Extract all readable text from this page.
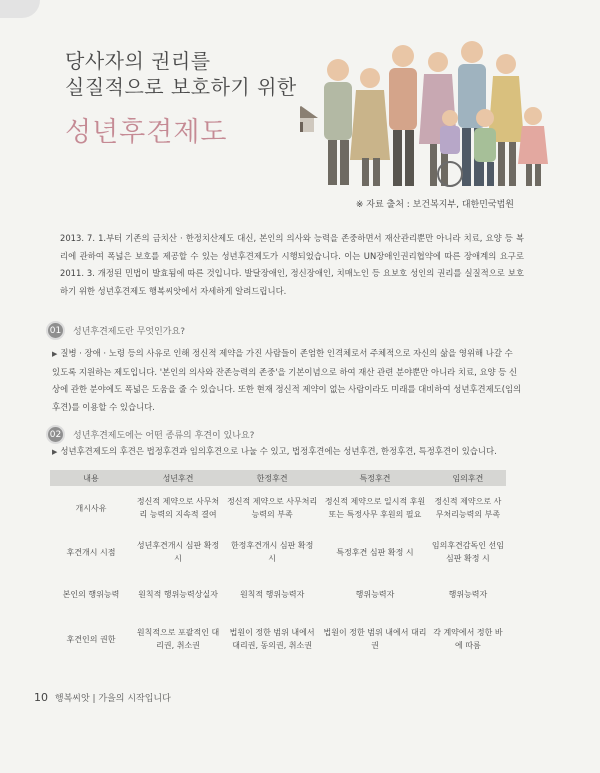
당사자의 권리를
실질적으로 보호하기 위한
성년후견제도
※ 자료 출처 : 보건복지부, 대한민국법원
2013. 7. 1.부터 기존의 금치산 · 한정치산제도 대신, 본인의 의사와 능력을 존중하면서 재산관리뿐만 아니라 치료, 요양 등 복리에 관하여 폭넓은 보호를 제공할 수 있는 성년후견제도가 시행되었습니다. 이는 UN장애인권리협약에 따른 장애계의 요구로 2011. 3. 개정된 민법이 발효됨에 따른 것입니다. 발달장애인, 정신장애인, 치매노인 등 요보호 성인의 권리를 실질적으로 보호하기 위한 성년후견제도 행복씨앗에서 자세하게 알려드립니다.
01	성년후견제도란 무엇인가요?
▶ 질병 · 장애 · 노령 등의 사유로 인해 정신적 제약을 가진 사람들이 존엄한 인격체로서 주체적으로 자신의 삶을 영위해 나갈 수 있도록 지원하는 제도입니다. '본인의 의사와 잔존능력의 존중'을 기본이념으로 하여 재산 관련 분야뿐만 아니라 치료, 요양 등 신상에 관한 분야에도 폭넓은 도움을 줄 수 있습니다. 또한 현재 정신적 제약이 없는 사람이라도 미래를 대비하여 성년후견제도(임의후견)를 이용할 수 있습니다.
02	성년후견제도에는 어떤 종류의 후견이 있나요?
▶ 성년후견제도의 후견은 법정후견과 임의후견으로 나눌 수 있고, 법정후견에는 성년후견, 한정후견, 특정후견이 있습니다.
내용	성년후견	한정후견	특정후견	임의후견
개시사유	정신적 제약으로 사무처리 능력의 지속적 결여	정신적 제약으로 사무처리능력의 부족	정신적 제약으로 일시적 후원 또는 특정사무 후원의 필요	정신적 제약으로 사무처리능력의 부족
후견개시 시점	성년후견개시 심판 확정 시	한정후견개시 심판 확정 시	특정후견 심판 확정 시	임의후견감독인 선임 심판 확정 시
본인의 행위능력	원칙적 행위능력상실자	원칙적 행위능력자	행위능력자	행위능력자
후견인의 권한	원칙적으로 포괄적인 대리권, 취소권	법원이 정한 범위 내에서 대리권, 동의권, 취소권	법원이 정한 범위 내에서 대리권	각 계약에서 정한 바에 따름
10 행복씨앗 | 가을의 시작입니다
